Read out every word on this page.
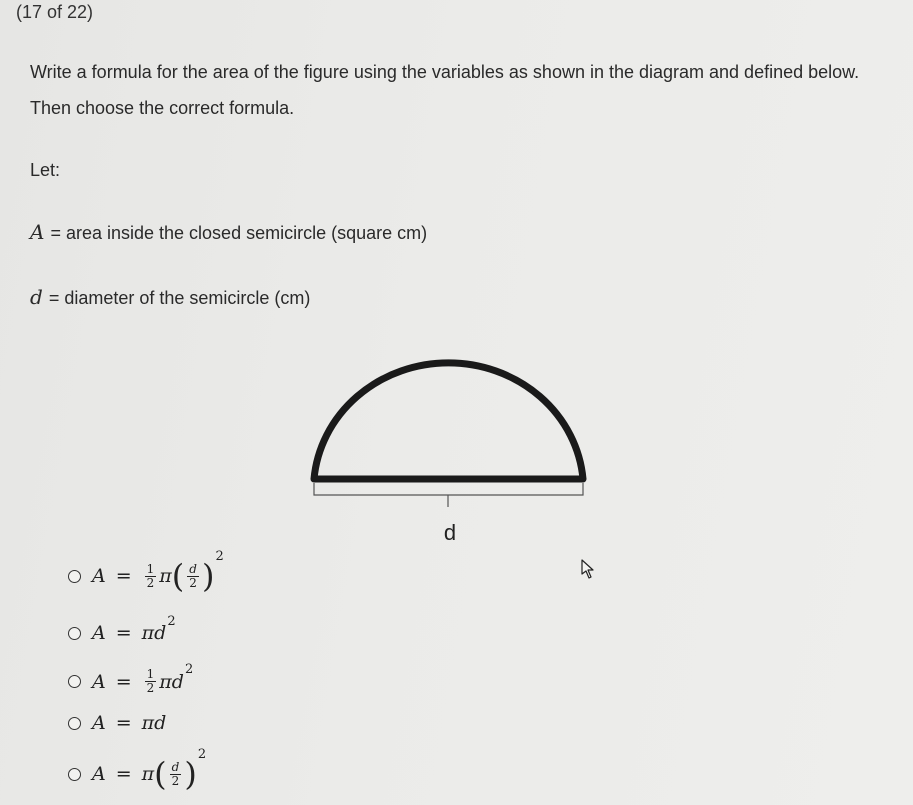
(17 of 22)
Write a formula for the area of the figure using the variables as shown in the diagram and defined below. Then choose the correct formula.
Let:
A = area inside the closed semicircle (square cm)
d = diameter of the semicircle (cm)
d
$A = \frac{1}{2}$ π ( $\frac{d}{2}$ )
2
A = π d
2
$A = \frac{1}{2}$ π d
2
A = π d
A = π ( $\frac{d}{2}$ )
2
